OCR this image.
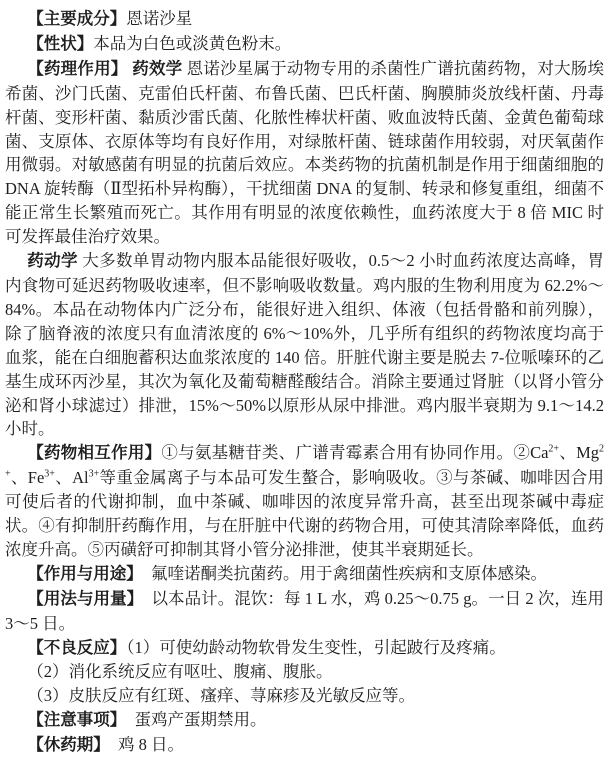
【主要成分】恩诺沙星

【性状】本品为白色或淡黄色粉末。

【药理作用】 药效学 恩诺沙星属于动物专用的杀菌性广谱抗菌药物，对大肠埃希菌、沙门氏菌、克雷伯氏杆菌、布鲁氏菌、巴氏杆菌、胸膜肺炎放线杆菌、丹毒杆菌、变形杆菌、黏质沙雷氏菌、化脓性棒状杆菌、败血波特氏菌、金黄色葡萄球菌、支原体、衣原体等均有良好作用，对绿脓杆菌、链球菌作用较弱，对厌氧菌作用微弱。对敏感菌有明显的抗菌后效应。本类药物的抗菌机制是作用于细菌细胞的 DNA 旋转酶（Ⅱ型拓朴异构酶），干扰细菌 DNA 的复制、转录和修复重组，细菌不能正常生长繁殖而死亡。其作用有明显的浓度依赖性，血药浓度大于 8 倍 MIC 时可发挥最佳治疗效果。

药动学 大多数单胃动物内服本品能很好吸收，0.5～2 小时血药浓度达高峰，胃内食物可延迟药物吸收速率，但不影响吸收数量。鸡内服的生物利用度为 62.2%～84%。本品在动物体内广泛分布，能很好进入组织、体液（包括骨骼和前列腺），除了脑脊液的浓度只有血清浓度的 6%～10%外，几乎所有组织的药物浓度均高于血浆，能在白细胞蓄积达血浆浓度的 140 倍。肝脏代谢主要是脱去 7-位哌嗪环的乙基生成环丙沙星，其次为氧化及葡萄糖醛酸结合。消除主要通过肾脏（以肾小管分泌和肾小球滤过）排泄，15%～50%以原形从尿中排泄。鸡内服半衰期为 9.1～14.2 小时。

【药物相互作用】①与氨基糖苷类、广谱青霉素合用有协同作用。$②Ca^{2+}$、$Mg^{2+}$、$Fe^{3+}$、$Al^{3+}$等重金属离子与本品可发生螯合，影响吸收。③与茶碱、咖啡因合用可使后者的代谢抑制，血中茶碱、咖啡因的浓度异常升高，甚至出现茶碱中毒症状。④有抑制肝药酶作用，与在肝脏中代谢的药物合用，可使其清除率降低，血药浓度升高。⑤丙磺舒可抑制其肾小管分泌排泄，使其半衰期延长。

【作用与用途】　氟喹诺酮类抗菌药。用于禽细菌性疾病和支原体感染。

【用法与用量】　以本品计。混饮：每 1 L 水，鸡 0.25～0.75 g。一日 2 次，连用 3～5 日。

【不良反应】（1）可使幼龄动物软骨发生变性，引起跛行及疼痛。

（2）消化系统反应有呕吐、腹痛、腹胀。

（3）皮肤反应有红斑、瘙痒、荨麻疹及光敏反应等。

【注意事项】　蛋鸡产蛋期禁用。

【休药期】　鸡 8 日。
